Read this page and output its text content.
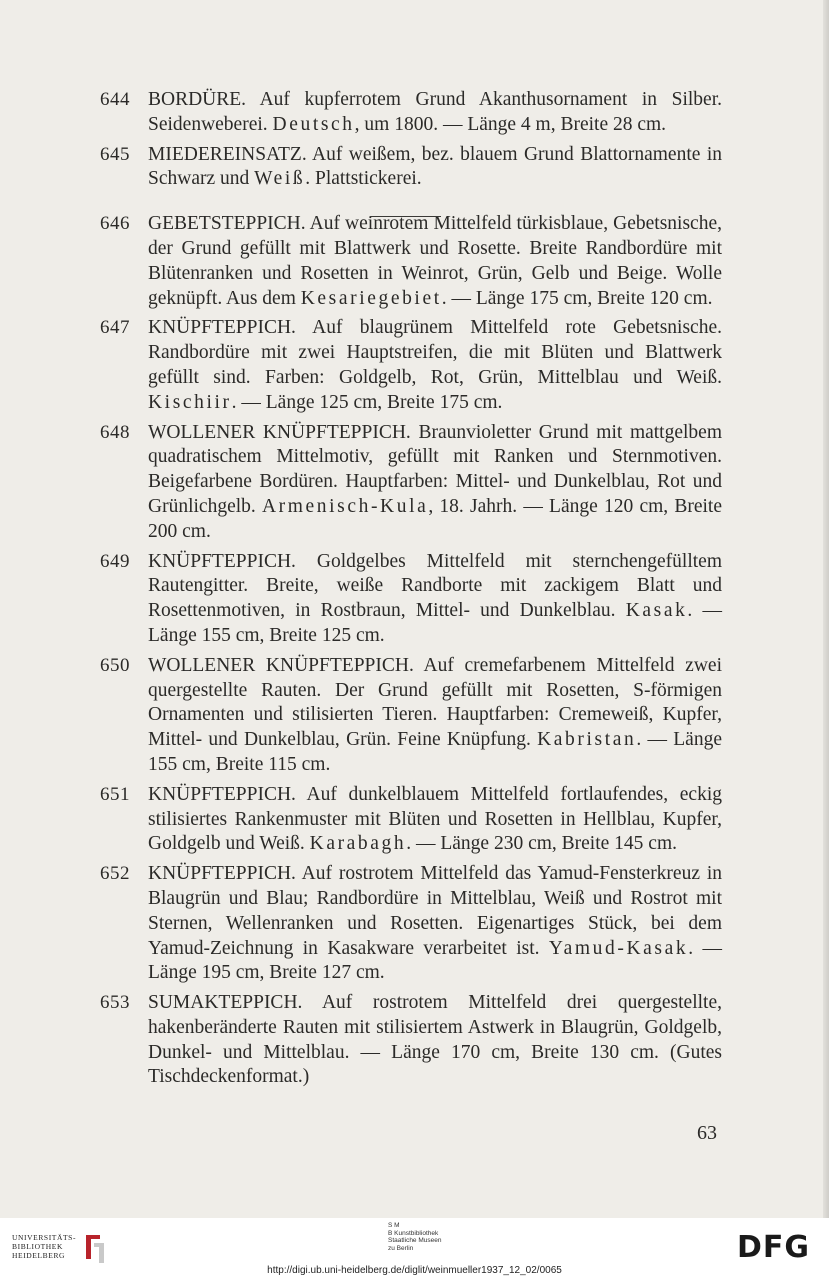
644 BORDÜRE. Auf kupferrotem Grund Akanthusornament in Silber. Seidenweberei. Deutsch, um 1800. — Länge 4 m, Breite 28 cm.
645 MIEDEREINSATZ. Auf weißem, bez. blauem Grund Blattornamente in Schwarz und Weiß. Plattstickerei.
646 GEBETSTEPPICH. Auf weinrotem Mittelfeld türkisblaue, Gebetsnische, der Grund gefüllt mit Blattwerk und Rosette. Breite Randbordüre mit Blütenranken und Rosetten in Weinrot, Grün, Gelb und Beige. Wolle geknüpft. Aus dem Kesariegebiet. — Länge 175 cm, Breite 120 cm.
647 KNÜPFTEPPICH. Auf blaugrünem Mittelfeld rote Gebetsnische. Randbordüre mit zwei Hauptstreifen, die mit Blüten und Blattwerk gefüllt sind. Farben: Goldgelb, Rot, Grün, Mittelblau und Weiß. Kischiir. — Länge 125 cm, Breite 175 cm.
648 WOLLENER KNÜPFTEPPICH. Braunvioletter Grund mit mattgelbem quadratischem Mittelmotiv, gefüllt mit Ranken und Sternmotiven. Beigefarbene Bordüren. Hauptfarben: Mittel- und Dunkelblau, Rot und Grünlichgelb. Armenisch-Kula, 18. Jahrh. — Länge 120 cm, Breite 200 cm.
649 KNÜPFTEPPICH. Goldgelbes Mittelfeld mit sternchengefülltem Rautengitter. Breite, weiße Randborte mit zackigem Blatt und Rosettenmotiven, in Rostbraun, Mittel- und Dunkelblau. Kasak. — Länge 155 cm, Breite 125 cm.
650 WOLLENER KNÜPFTEPPICH. Auf cremefarbenem Mittelfeld zwei quergestellte Rauten. Der Grund gefüllt mit Rosetten, S-förmigen Ornamenten und stilisierten Tieren. Hauptfarben: Cremeweiß, Kupfer, Mittel- und Dunkelblau, Grün. Feine Knüpfung. Kabristan. — Länge 155 cm, Breite 115 cm.
651 KNÜPFTEPPICH. Auf dunkelblauem Mittelfeld fortlaufendes, eckig stilisiertes Rankenmuster mit Blüten und Rosetten in Hellblau, Kupfer, Goldgelb und Weiß. Karabagh. — Länge 230 cm, Breite 145 cm.
652 KNÜPFTEPPICH. Auf rostrotem Mittelfeld das Yamud-Fensterkreuz in Blaugrün und Blau; Randbordüre in Mittelblau, Weiß und Rostrot mit Sternen, Wellenranken und Rosetten. Eigenartiges Stück, bei dem Yamud-Zeichnung in Kasakware verarbeitet ist. Yamud-Kasak. — Länge 195 cm, Breite 127 cm.
653 SUMAKTEPPICH. Auf rostrotem Mittelfeld drei quergestellte, hakenberänderte Rauten mit stilisiertem Astwerk in Blaugrün, Goldgelb, Dunkel- und Mittelblau. — Länge 170 cm, Breite 130 cm. (Gutes Tischdeckenformat.)
63
UNIVERSITÄTS-
BIBLIOTHEK
HEIDELBERG
S M
B Kunstbibliothek
Staatliche Museen
zu Berlin	DFG
http://digi.ub.uni-heidelberg.de/diglit/weinmueller1937_12_02/0065
